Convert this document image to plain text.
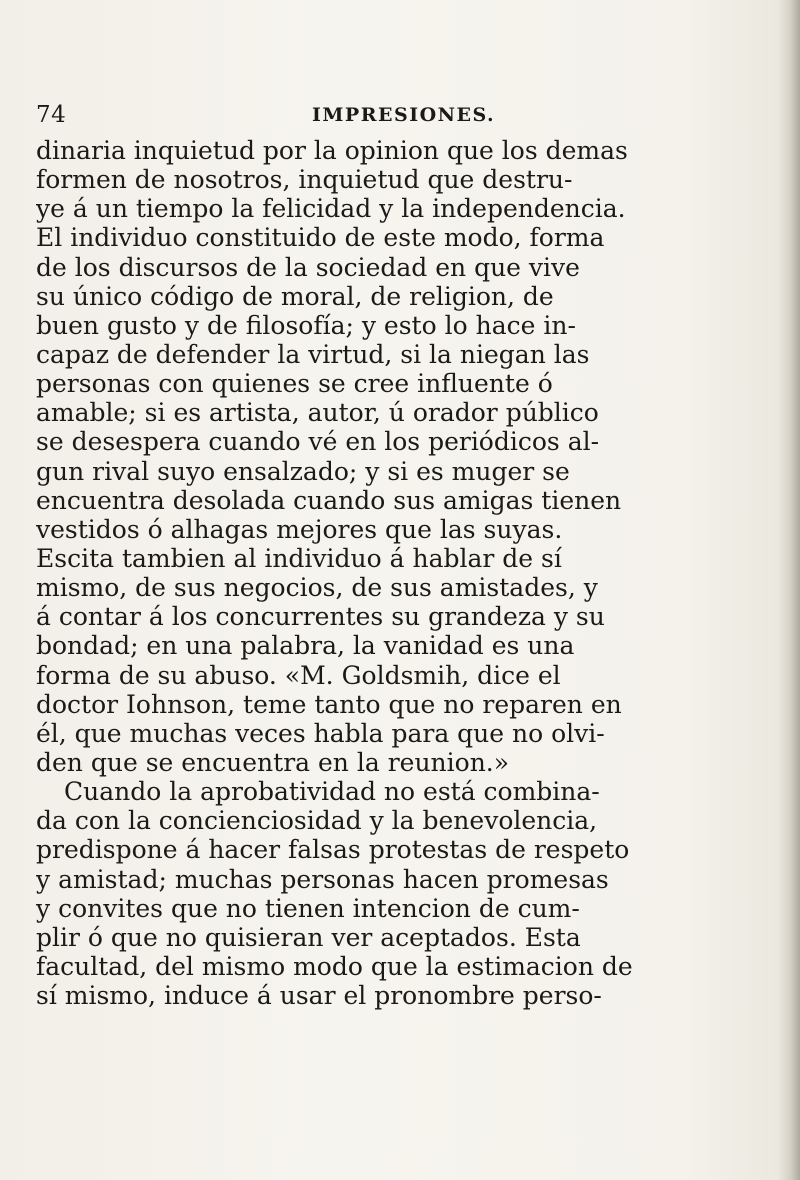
74	IMPRESIONES.
dinaria inquietud por la opinion que los demas
formen de nosotros, inquietud que destru-
ye á un tiempo la felicidad y la independencia.
El individuo constituido de este modo, forma
de los discursos de la sociedad en que vive
su único código de moral, de religion, de
buen gusto y de filosofía; y esto lo hace in-
capaz de defender la virtud, si la niegan las
personas con quienes se cree influente ó
amable; si es artista, autor, ú orador público
se desespera cuando vé en los periódicos al-
gun rival suyo ensalzado; y si es muger se
encuentra desolada cuando sus amigas tienen
vestidos ó alhagas mejores que las suyas.
Escita tambien al individuo á hablar de sí
mismo, de sus negocios, de sus amistades, y
á contar á los concurrentes su grandeza y su
bondad; en una palabra, la vanidad es una
forma de su abuso. «M. Goldsmih, dice el
doctor Iohnson, teme tanto que no reparen en
él, que muchas veces habla para que no olvi-
den que se encuentra en la reunion.»
Cuando la aprobatividad no está combina-
da con la concienciosidad y la benevolencia,
predispone á hacer falsas protestas de respeto
y amistad; muchas personas hacen promesas
y convites que no tienen intencion de cum-
plir ó que no quisieran ver aceptados. Esta
facultad, del mismo modo que la estimacion de
sí mismo, induce á usar el pronombre perso-
